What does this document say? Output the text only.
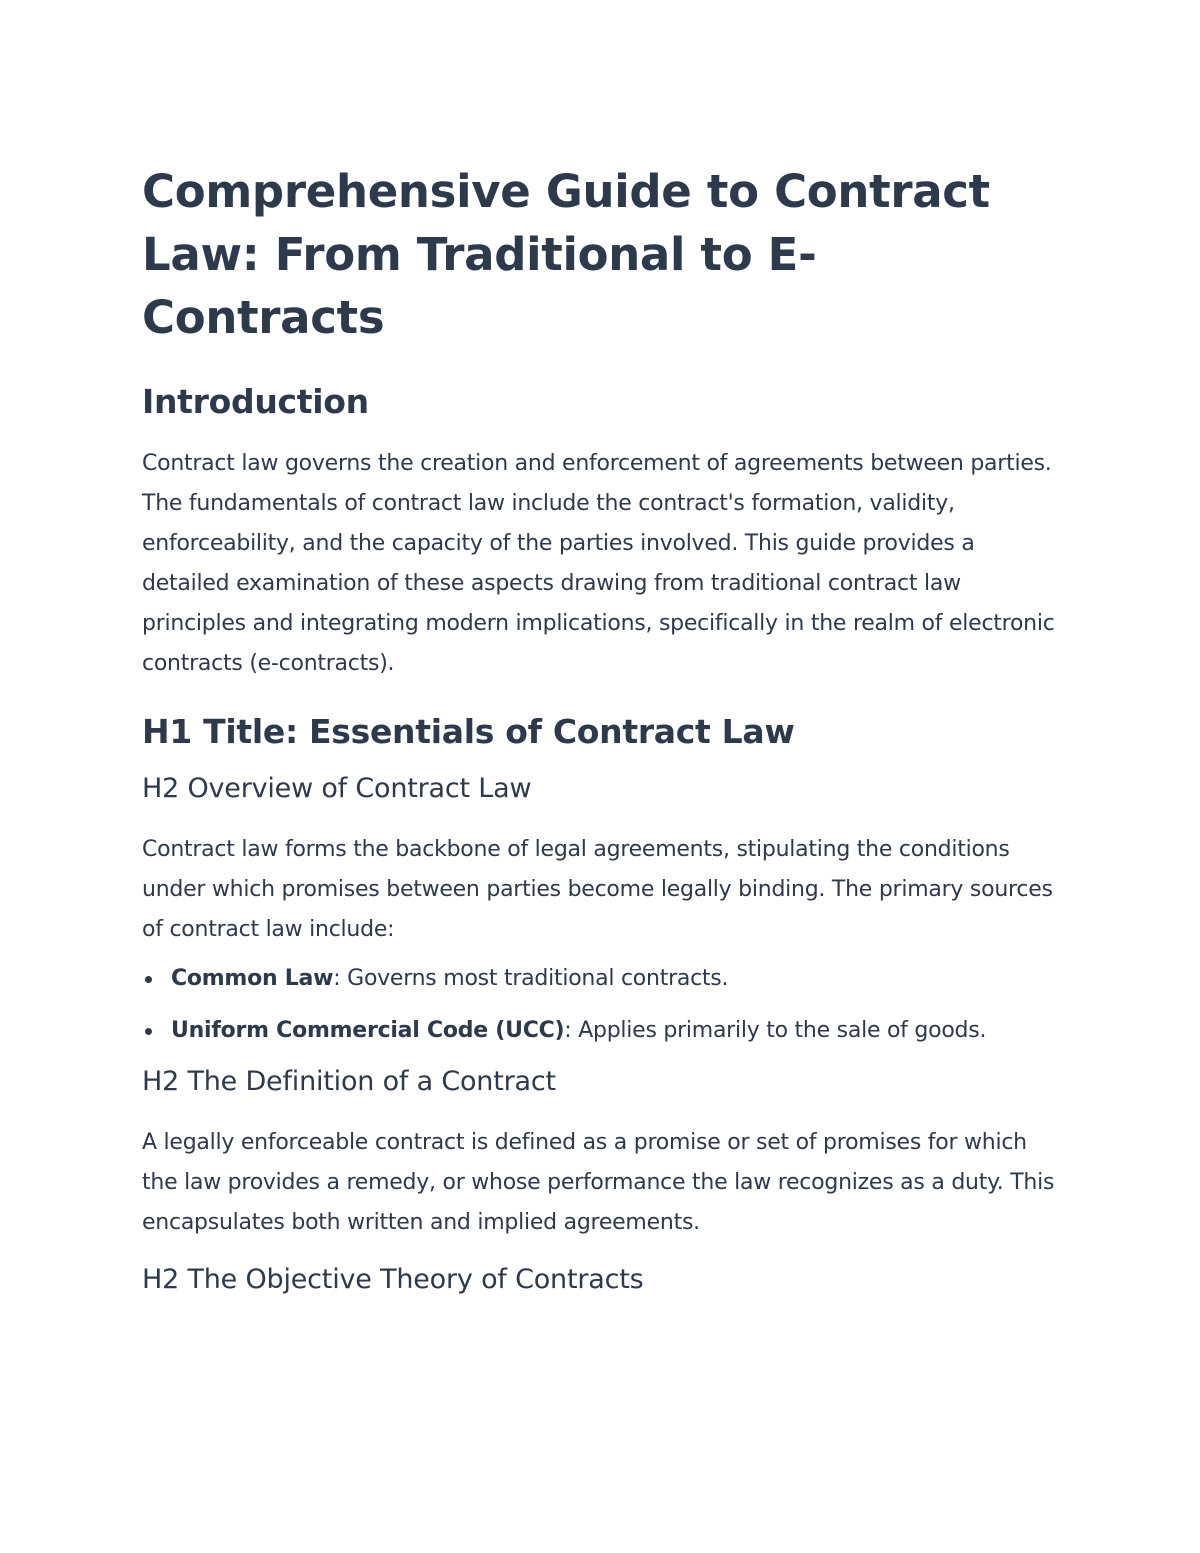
Comprehensive Guide to Contract Law: From Traditional to E-Contracts
Introduction

Contract law governs the creation and enforcement of agreements between parties. The fundamentals of contract law include the contract's formation, validity, enforceability, and the capacity of the parties involved. This guide provides a detailed examination of these aspects drawing from traditional contract law principles and integrating modern implications, specifically in the realm of electronic contracts (e-contracts).

H1 Title: Essentials of Contract Law
H2 Overview of Contract Law

Contract law forms the backbone of legal agreements, stipulating the conditions under which promises between parties become legally binding. The primary sources of contract law include:

Common Law: Governs most traditional contracts.
Uniform Commercial Code (UCC): Applies primarily to the sale of goods.
H2 The Definition of a Contract

A legally enforceable contract is defined as a promise or set of promises for which the law provides a remedy, or whose performance the law recognizes as a duty. This encapsulates both written and implied agreements.

H2 The Objective Theory of Contracts
